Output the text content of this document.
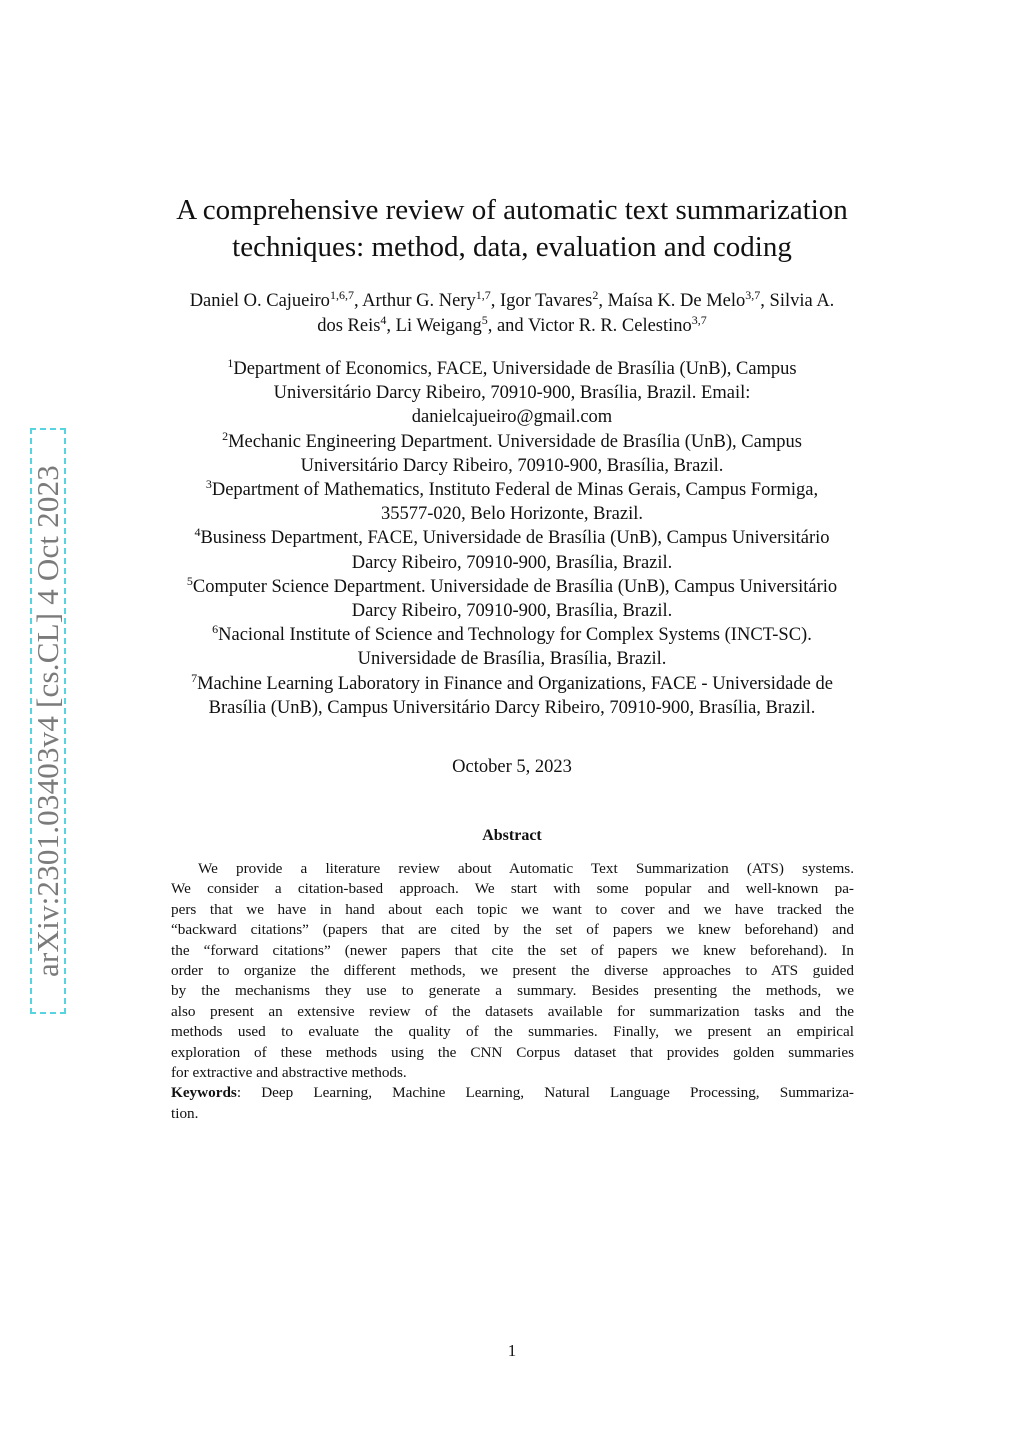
arXiv:2301.03403v4 [cs.CL] 4 Oct 2023
A comprehensive review of automatic text summarization
techniques: method, data, evaluation and coding
Daniel O. Cajueiro$^{1,6,7}$, Arthur G. Nery$^{1,7}$, Igor Tavares$^2$, Maísa K. De Melo$^{3,7}$, Silvia A.
dos Reis$^4$, Li Weigang$^5$, and Victor R. R. Celestino$^{3,7}$
$^1$Department of Economics, FACE, Universidade de Brasília (UnB), Campus
Universitário Darcy Ribeiro, 70910-900, Brasília, Brazil. Email:
danielcajueiro@gmail.com
$^2$Mechanic Engineering Department. Universidade de Brasília (UnB), Campus
Universitário Darcy Ribeiro, 70910-900, Brasília, Brazil.
$^3$Department of Mathematics, Instituto Federal de Minas Gerais, Campus Formiga,
35577-020, Belo Horizonte, Brazil.
$^4$Business Department, FACE, Universidade de Brasília (UnB), Campus Universitário
Darcy Ribeiro, 70910-900, Brasília, Brazil.
$^5$Computer Science Department. Universidade de Brasília (UnB), Campus Universitário
Darcy Ribeiro, 70910-900, Brasília, Brazil.
$^6$Nacional Institute of Science and Technology for Complex Systems (INCT-SC).
Universidade de Brasília, Brasília, Brazil.
$^7$Machine Learning Laboratory in Finance and Organizations, FACE - Universidade de
Brasília (UnB), Campus Universitário Darcy Ribeiro, 70910-900, Brasília, Brazil.
October 5, 2023
Abstract
We provide a literature review about Automatic Text Summarization (ATS) systems.
We consider a citation-based approach. We start with some popular and well-known pa-
pers that we have in hand about each topic we want to cover and we have tracked the
“backward citations” (papers that are cited by the set of papers we knew beforehand) and
the “forward citations” (newer papers that cite the set of papers we knew beforehand). In
order to organize the different methods, we present the diverse approaches to ATS guided
by the mechanisms they use to generate a summary. Besides presenting the methods, we
also present an extensive review of the datasets available for summarization tasks and the
methods used to evaluate the quality of the summaries. Finally, we present an empirical
exploration of these methods using the CNN Corpus dataset that provides golden summaries
for extractive and abstractive methods.
Keywords: Deep Learning, Machine Learning, Natural Language Processing, Summariza-
tion.
1
